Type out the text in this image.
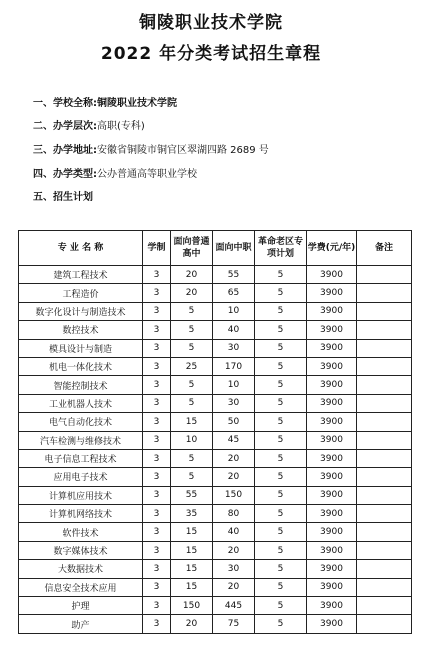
铜陵职业技术学院
2022 年分类考试招生章程
一、学校全称:铜陵职业技术学院
二、办学层次:高职(专科)
三、办学地址:安徽省铜陵市铜官区翠湖四路 2689 号
四、办学类型:公办普通高等职业学校
五、招生计划
专 业 名 称	学制	面向普通高中	面向中职	革命老区专项计划	学费(元/年)	备注
建筑工程技术	3	20	55	5	3900	
工程造价	3	20	65	5	3900	
数字化设计与制造技术	3	5	10	5	3900	
数控技术	3	5	40	5	3900	
模具设计与制造	3	5	30	5	3900	
机电一体化技术	3	25	170	5	3900	
智能控制技术	3	5	10	5	3900	
工业机器人技术	3	5	30	5	3900	
电气自动化技术	3	15	50	5	3900	
汽车检测与维修技术	3	10	45	5	3900	
电子信息工程技术	3	5	20	5	3900	
应用电子技术	3	5	20	5	3900	
计算机应用技术	3	55	150	5	3900	
计算机网络技术	3	35	80	5	3900	
软件技术	3	15	40	5	3900	
数字媒体技术	3	15	20	5	3900	
大数据技术	3	15	30	5	3900	
信息安全技术应用	3	15	20	5	3900	
护理	3	150	445	5	3900	
助产	3	20	75	5	3900	
